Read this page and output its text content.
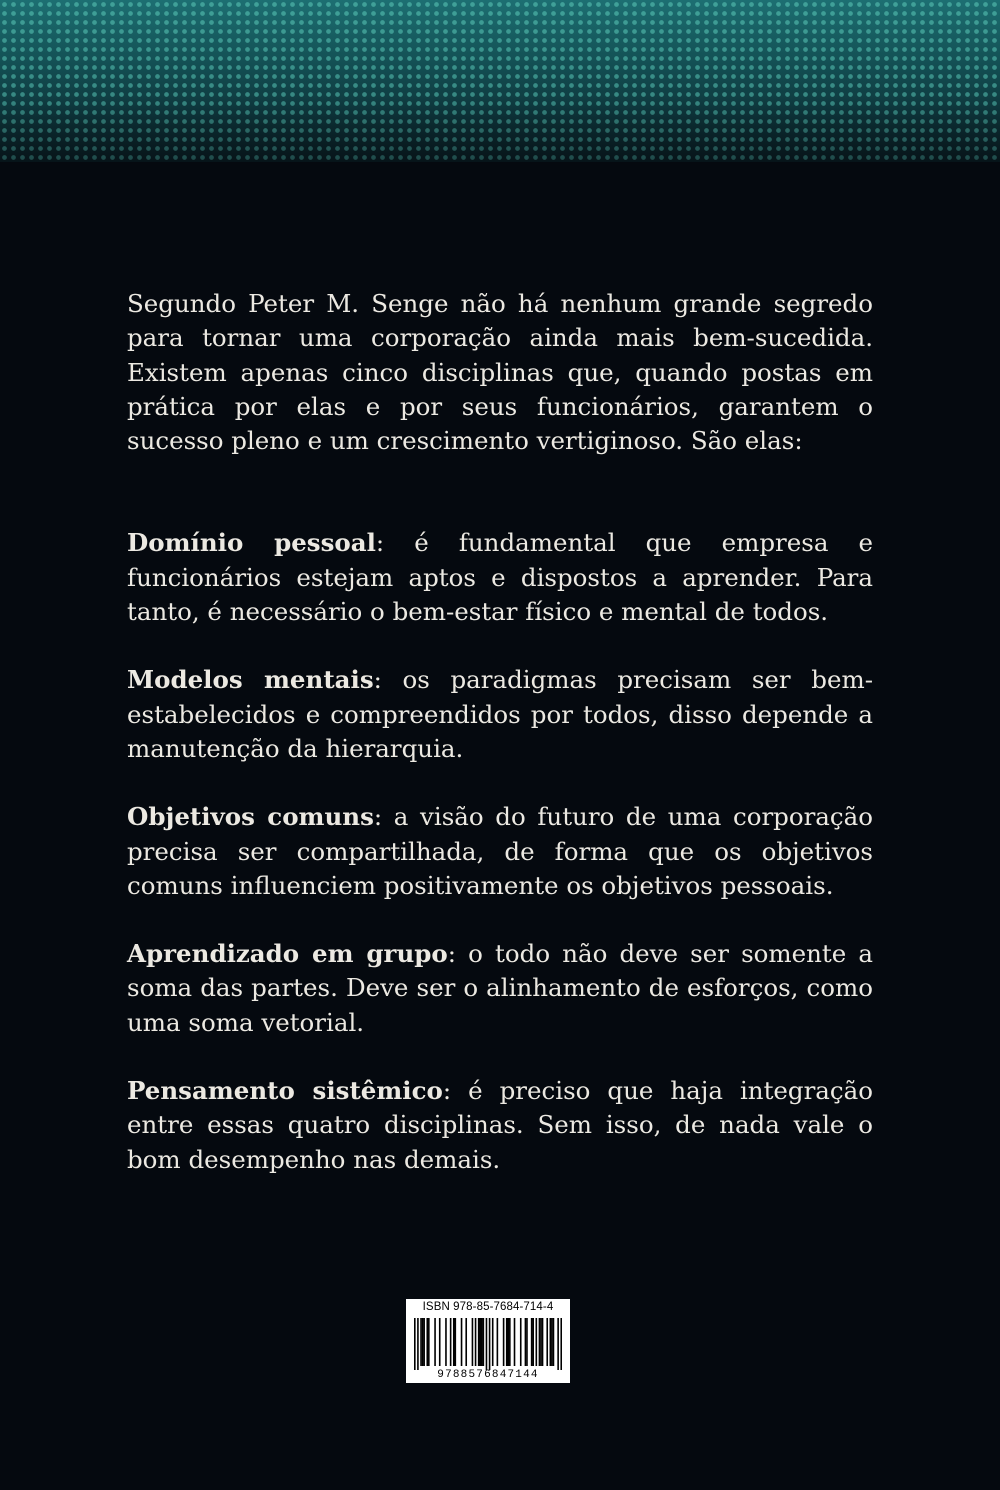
Segundo Peter M. Senge não há nenhum grande segredo para tornar uma corporação ainda mais bem-sucedida. Existem apenas cinco disciplinas que, quando postas em prática por elas e por seus funcionários, garantem o sucesso pleno e um crescimento vertiginoso. São elas:

Domínio pessoal: é fundamental que empresa e funcionários estejam aptos e dispostos a aprender. Para tanto, é necessário o bem-estar físico e mental de todos.

Modelos mentais: os paradigmas precisam ser bem-estabelecidos e compreendidos por todos, disso depende a manutenção da hierarquia.

Objetivos comuns: a visão do futuro de uma corporação precisa ser compartilhada, de forma que os objetivos comuns influenciem positivamente os objetivos pessoais.

Aprendizado em grupo: o todo não deve ser somente a soma das partes. Deve ser o alinhamento de esforços, como uma soma vetorial.

Pensamento sistêmico: é preciso que haja integração entre essas quatro disciplinas. Sem isso, de nada vale o bom desempenho nas demais.

ISBN 978-85-7684-714-4
9788576847144
